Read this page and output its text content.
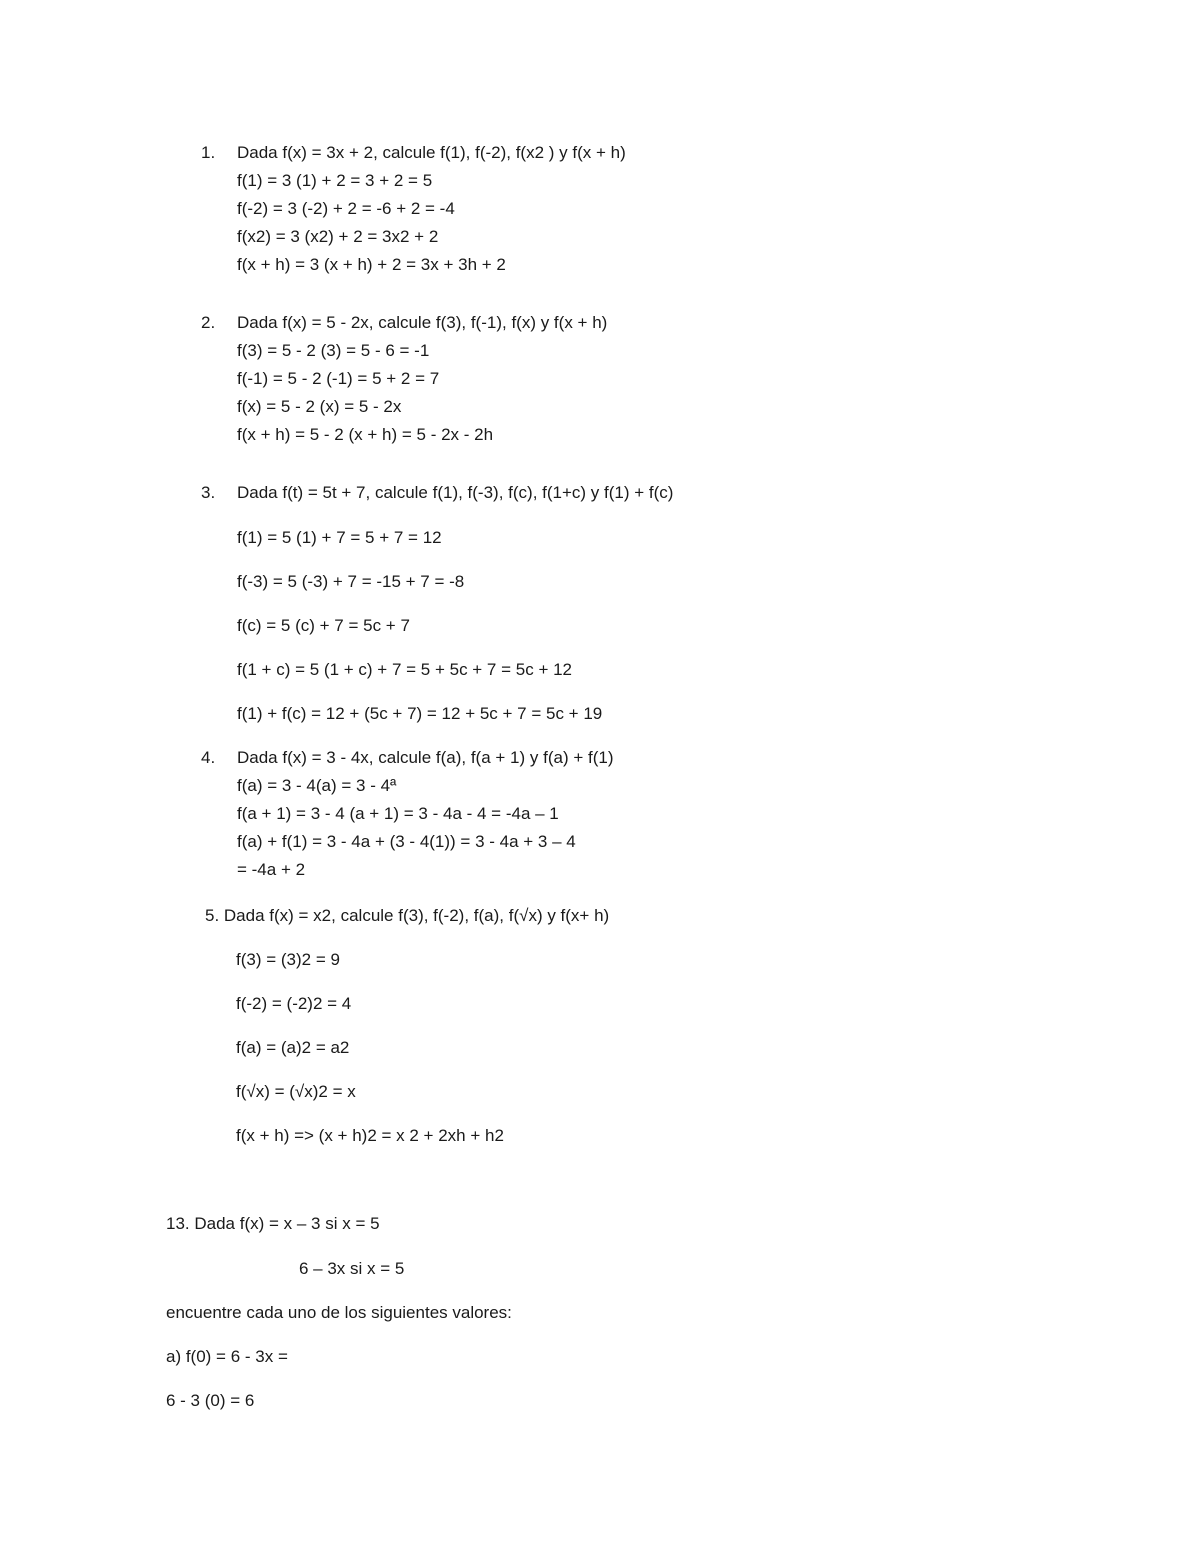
1. Dada f(x) = 3x + 2, calcule f(1), f(-2), f(x2 ) y f(x + h)
f(1) = 3 (1) + 2 = 3 + 2 = 5
f(-2) = 3 (-2) + 2 = -6 + 2 = -4
f(x2) = 3 (x2) + 2 = 3x2 + 2
f(x + h) = 3 (x + h) + 2 = 3x + 3h + 2
2. Dada f(x) = 5 - 2x, calcule f(3), f(-1), f(x) y f(x + h)
f(3) = 5 - 2 (3) = 5 - 6 = -1
f(-1) = 5 - 2 (-1) = 5 + 2 = 7
f(x) = 5 - 2 (x) = 5 - 2x
f(x + h) = 5 - 2 (x + h) = 5 - 2x - 2h
3. Dada f(t) = 5t + 7, calcule f(1), f(-3), f(c), f(1+c) y f(1) + f(c)
f(1) = 5 (1) + 7 = 5 + 7 = 12
f(-3) = 5 (-3) + 7 = -15 + 7 = -8
f(c) = 5 (c) + 7 = 5c + 7
f(1 + c) = 5 (1 + c) + 7 = 5 + 5c + 7 = 5c + 12
f(1) + f(c) = 12 + (5c + 7) = 12 + 5c + 7 = 5c + 19
4. Dada f(x) = 3 - 4x, calcule f(a), f(a + 1) y f(a) + f(1)
f(a) = 3 - 4(a) = 3 - 4ª
f(a + 1) = 3 - 4 (a + 1) = 3 - 4a - 4 = -4a – 1
f(a) + f(1) = 3 - 4a + (3 - 4(1)) = 3 - 4a + 3 – 4
= -4a + 2
5. Dada f(x) = x2, calcule f(3), f(-2), f(a), f(√x) y f(x+ h)
f(3) = (3)2 = 9
f(-2) = (-2)2 = 4
f(a) = (a)2 = a2
f(√x) = (√x)2 = x
f(x + h) => (x + h)2 = x 2 + 2xh + h2
13. Dada f(x) = x – 3 si x = 5
6 – 3x si x = 5
encuentre cada uno de los siguientes valores:
a) f(0) = 6 - 3x =
6 - 3 (0) = 6
